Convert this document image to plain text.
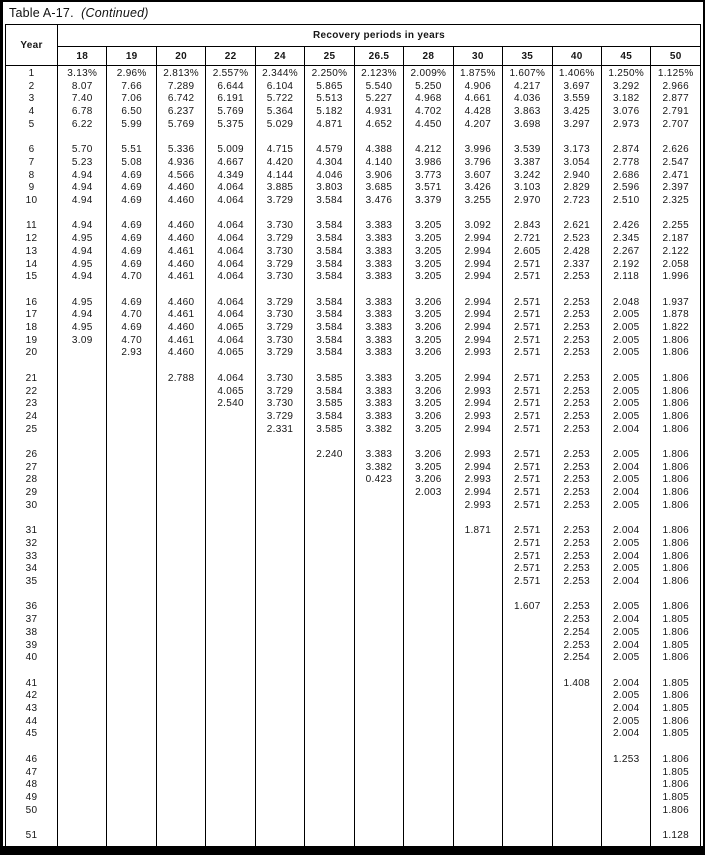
Table A-17. (Continued)
Year	Recovery periods in years												
	18	19	20	22	24	25	26.5	28	30	35	40	45	50
1	3.13%	2.96%	2.813%	2.557%	2.344%	2.250%	2.123%	2.009%	1.875%	1.607%	1.406%	1.250%	1.125%
2	8.07	7.66	7.289	6.644	6.104	5.865	5.540	5.250	4.906	4.217	3.697	3.292	2.966
3	7.40	7.06	6.742	6.191	5.722	5.513	5.227	4.968	4.661	4.036	3.559	3.182	2.877
4	6.78	6.50	6.237	5.769	5.364	5.182	4.931	4.702	4.428	3.863	3.425	3.076	2.791
5	6.22	5.99	5.769	5.375	5.029	4.871	4.652	4.450	4.207	3.698	3.297	2.973	2.707

6	5.70	5.51	5.336	5.009	4.715	4.579	4.388	4.212	3.996	3.539	3.173	2.874	2.626
7	5.23	5.08	4.936	4.667	4.420	4.304	4.140	3.986	3.796	3.387	3.054	2.778	2.547
8	4.94	4.69	4.566	4.349	4.144	4.046	3.906	3.773	3.607	3.242	2.940	2.686	2.471
9	4.94	4.69	4.460	4.064	3.885	3.803	3.685	3.571	3.426	3.103	2.829	2.596	2.397
10	4.94	4.69	4.460	4.064	3.729	3.584	3.476	3.379	3.255	2.970	2.723	2.510	2.325

11	4.94	4.69	4.460	4.064	3.730	3.584	3.383	3.205	3.092	2.843	2.621	2.426	2.255
12	4.95	4.69	4.460	4.064	3.729	3.584	3.383	3.205	2.994	2.721	2.523	2.345	2.187
13	4.94	4.69	4.461	4.064	3.730	3.584	3.383	3.205	2.994	2.605	2.428	2.267	2.122
14	4.95	4.69	4.460	4.064	3.729	3.584	3.383	3.205	2.994	2.571	2.337	2.192	2.058
15	4.94	4.70	4.461	4.064	3.730	3.584	3.383	3.205	2.994	2.571	2.253	2.118	1.996

16	4.95	4.69	4.460	4.064	3.729	3.584	3.383	3.206	2.994	2.571	2.253	2.048	1.937
17	4.94	4.70	4.461	4.064	3.730	3.584	3.383	3.205	2.994	2.571	2.253	2.005	1.878
18	4.95	4.69	4.460	4.065	3.729	3.584	3.383	3.206	2.994	2.571	2.253	2.005	1.822
19	3.09	4.70	4.461	4.064	3.730	3.584	3.383	3.205	2.994	2.571	2.253	2.005	1.806
20		2.93	4.460	4.065	3.729	3.584	3.383	3.206	2.993	2.571	2.253	2.005	1.806

21			2.788	4.064	3.730	3.585	3.383	3.205	2.994	2.571	2.253	2.005	1.806
22				4.065	3.729	3.584	3.383	3.206	2.993	2.571	2.253	2.005	1.806
23				2.540	3.730	3.585	3.383	3.205	2.994	2.571	2.253	2.005	1.806
24					3.729	3.584	3.383	3.206	2.993	2.571	2.253	2.005	1.806
25					2.331	3.585	3.382	3.205	2.994	2.571	2.253	2.004	1.806

26						2.240	3.383	3.206	2.993	2.571	2.253	2.005	1.806
27							3.382	3.205	2.994	2.571	2.253	2.004	1.806
28							0.423	3.206	2.993	2.571	2.253	2.005	1.806
29								2.003	2.994	2.571	2.253	2.004	1.806
30									2.993	2.571	2.253	2.005	1.806

31									1.871	2.571	2.253	2.004	1.806
32										2.571	2.253	2.005	1.806
33										2.571	2.253	2.004	1.806
34										2.571	2.253	2.005	1.806
35										2.571	2.253	2.004	1.806

36										1.607	2.253	2.005	1.806
37											2.253	2.004	1.805
38											2.254	2.005	1.806
39											2.253	2.004	1.805
40											2.254	2.005	1.806

41											1.408	2.004	1.805
42												2.005	1.806
43												2.004	1.805
44												2.005	1.806
45												2.004	1.805

46												1.253	1.806
47													1.805
48													1.806
49													1.805
50													1.806

51													1.128
